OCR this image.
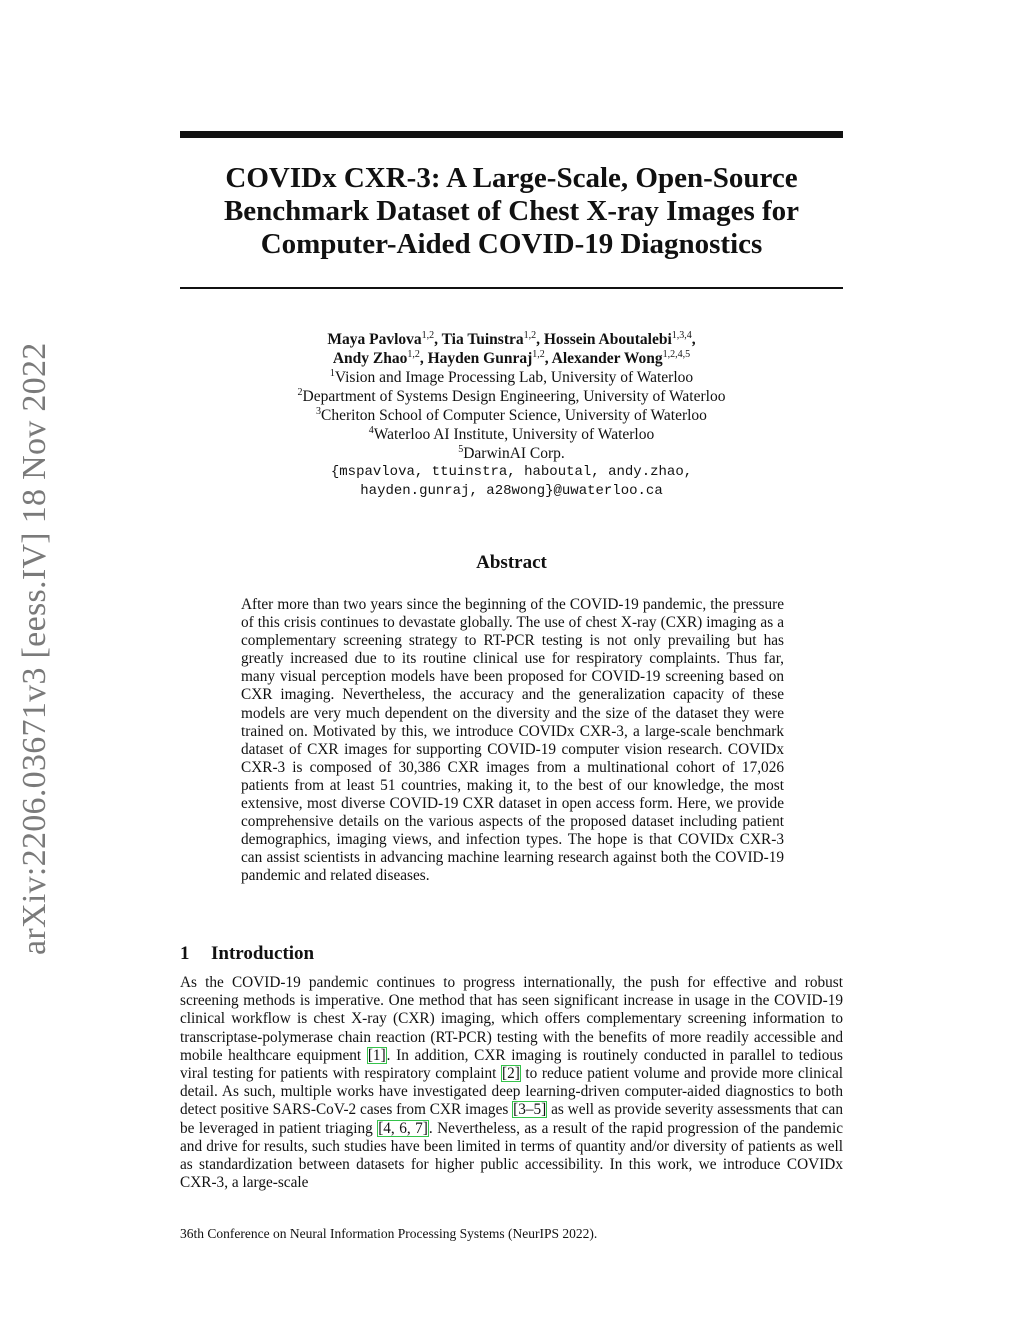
arXiv:2206.03671v3 [eess.IV] 18 Nov 2022
COVIDx CXR-3: A Large-Scale, Open-Source
Benchmark Dataset of Chest X-ray Images for
Computer-Aided COVID-19 Diagnostics
Maya Pavlova$^{1,2}$, Tia Tuinstra$^{1,2}$, Hossein Aboutalebi$^{1,3,4}$,
Andy Zhao$^{1,2}$, Hayden Gunraj$^{1,2}$, Alexander Wong$^{1,2,4,5}$
$^1$Vision and Image Processing Lab, University of Waterloo
$^2$Department of Systems Design Engineering, University of Waterloo
$^3$Cheriton School of Computer Science, University of Waterloo
$^4$Waterloo AI Institute, University of Waterloo
$^5$DarwinAI Corp.
{mspavlova, ttuinstra, haboutal, andy.zhao,
hayden.gunraj, a28wong}@uwaterloo.ca
Abstract

After more than two years since the beginning of the COVID-19 pandemic, the pressure of this crisis continues to devastate globally. The use of chest X-ray (CXR) imaging as a complementary screening strategy to RT-PCR testing is not only prevailing but has greatly increased due to its routine clinical use for respiratory complaints. Thus far, many visual perception models have been proposed for COVID-19 screening based on CXR imaging. Nevertheless, the accuracy and the generalization capacity of these models are very much dependent on the diversity and the size of the dataset they were trained on. Motivated by this, we introduce COVIDx CXR-3, a large-scale benchmark dataset of CXR images for supporting COVID-19 computer vision research. COVIDx CXR-3 is composed of 30,386 CXR images from a multinational cohort of 17,026 patients from at least 51 countries, making it, to the best of our knowledge, the most extensive, most diverse COVID-19 CXR dataset in open access form. Here, we provide comprehensive details on the various aspects of the proposed dataset including patient demographics, imaging views, and infection types. The hope is that COVIDx CXR-3 can assist scientists in advancing machine learning research against both the COVID-19 pandemic and related diseases.

1 Introduction

As the COVID-19 pandemic continues to progress internationally, the push for effective and robust screening methods is imperative. One method that has seen significant increase in usage in the COVID-19 clinical workflow is chest X-ray (CXR) imaging, which offers complementary screening information to transcriptase-polymerase chain reaction (RT-PCR) testing with the benefits of more readily accessible and mobile healthcare equipment [1]. In addition, CXR imaging is routinely conducted in parallel to tedious viral testing for patients with respiratory complaint [2] to reduce patient volume and provide more clinical detail. As such, multiple works have investigated deep learning-driven computer-aided diagnostics to both detect positive SARS-CoV-2 cases from CXR images [3–5] as well as provide severity assessments that can be leveraged in patient triaging [4, 6, 7]. Nevertheless, as a result of the rapid progression of the pandemic and drive for results, such studies have been limited in terms of quantity and/or diversity of patients as well as standardization between datasets for higher public accessibility. In this work, we introduce COVIDx CXR-3, a large-scale

36th Conference on Neural Information Processing Systems (NeurIPS 2022).
